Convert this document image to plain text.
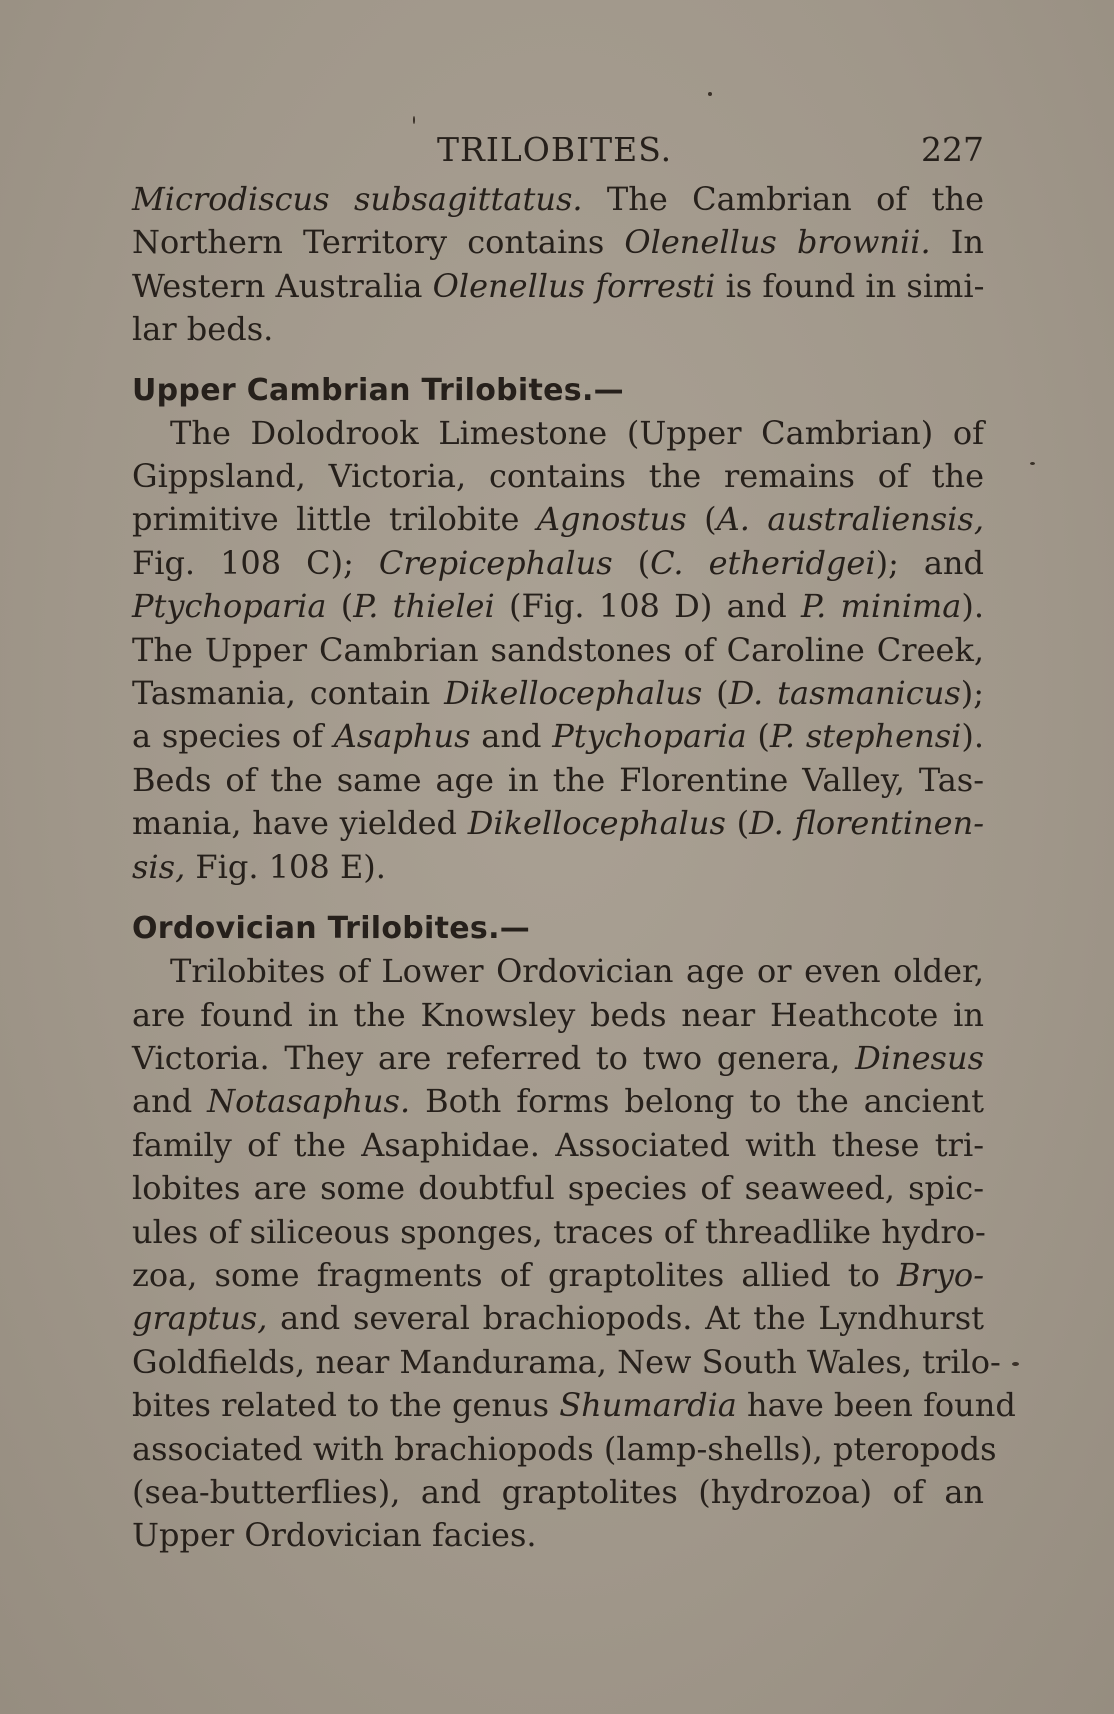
TRILOBITES.	227
Microdiscus subsagittatus. The Cambrian of the
Northern Territory contains Olenellus brownii. In
Western Australia Olenellus forresti is found in simi-
lar beds.
Upper Cambrian Trilobites.—
The Dolodrook Limestone (Upper Cambrian) of
Gippsland, Victoria, contains the remains of the
primitive little trilobite Agnostus (A. australiensis,
Fig. 108 C); Crepicephalus (C. etheridgei); and
Ptychoparia (P. thielei (Fig. 108 D) and P. minima).
The Upper Cambrian sandstones of Caroline Creek,
Tasmania, contain Dikellocephalus (D. tasmanicus);
a species of Asaphus and Ptychoparia (P. stephensi).
Beds of the same age in the Florentine Valley, Tas-
mania, have yielded Dikellocephalus (D. florentinen-
sis, Fig. 108 E).
Ordovician Trilobites.—
Trilobites of Lower Ordovician age or even older,
are found in the Knowsley beds near Heathcote in
Victoria. They are referred to two genera, Dinesus
and Notasaphus. Both forms belong to the ancient
family of the Asaphidae. Associated with these tri-
lobites are some doubtful species of seaweed, spic-
ules of siliceous sponges, traces of threadlike hydro-
zoa, some fragments of graptolites allied to Bryo-
graptus, and several brachiopods. At the Lyndhurst
Goldfields, near Mandurama, New South Wales, trilo-
bites related to the genus Shumardia have been found
associated with brachiopods (lamp-shells), pteropods
(sea-butterflies), and graptolites (hydrozoa) of an
Upper Ordovician facies.
